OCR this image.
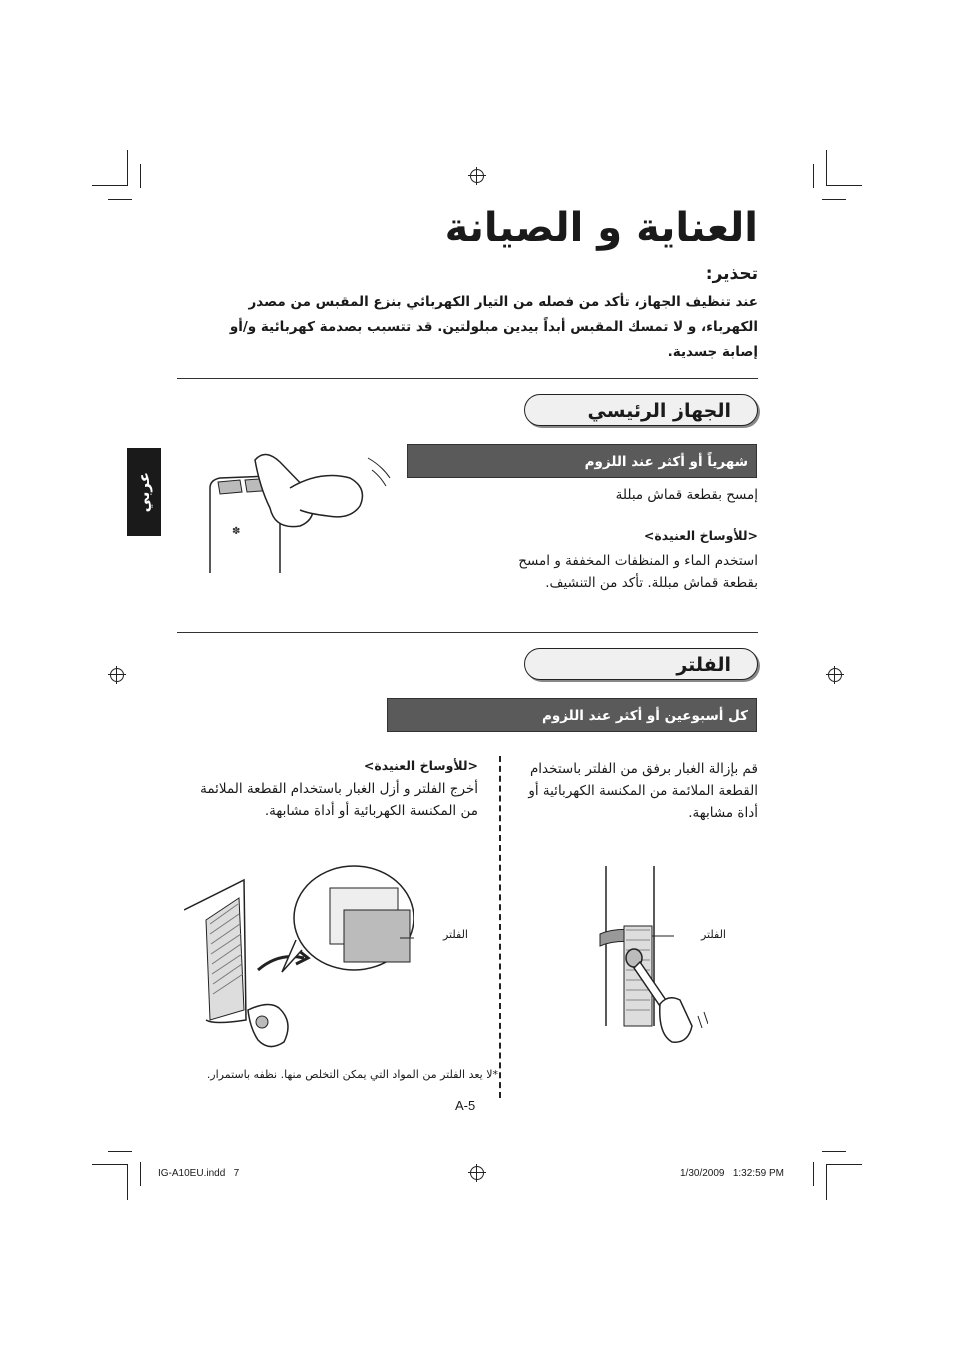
العناية و الصيانة
تحذير:
عند تنظيف الجهاز، تأكد من فصله من التيار الكهربائي بنزع المقبس من مصدر الكهرباء، و لا تمسك المقبس أبداً بيدين مبلولتين. قد تتسبب بصدمة كهربائية و/أو إصابة جسدية.
عربي
الجهاز الرئيسي
شهرياً أو أكثر عند اللزوم
إمسح بقطعة قماش مبللة
<للأوساخ العنيدة>
استخدم الماء و المنظفات المخففة و امسح بقطعة قماش مبللة. تأكد من التنشيف.
✽
الفلتر
كل أسبوعين أو أكثر عند اللزوم
قم بإزالة الغبار برفق من الفلتر باستخدام القطعة الملائمة من المكنسة الكهربائية أو أداة مشابهة.
<للأوساخ العنيدة>
أخرج الفلتر و أزل الغبار باستخدام القطعة الملائمة من المكنسة الكهربائية أو أداة مشابهة.
الفلتر	الفلتر
*لا يعد الفلتر من المواد التي يمكن التخلص منها. نظفه باستمرار.
A-5
IG-A10EU.indd   7	1/30/2009   1:32:59 PM
